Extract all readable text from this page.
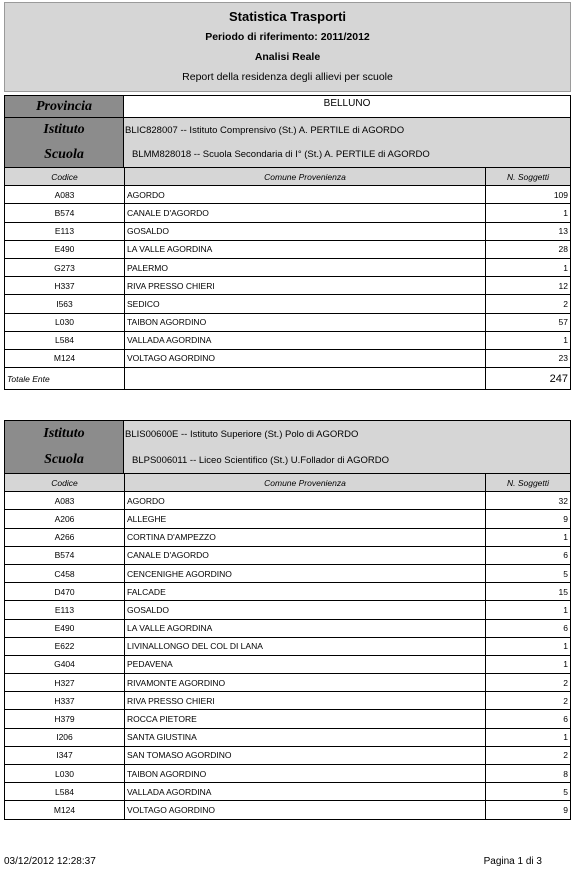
Statistica Trasporti
Periodo di riferimento: 2011/2012
Analisi Reale
Report della residenza degli allievi per scuole
Provincia	BELLUNO
Istituto	BLIC828007 -- Istituto Comprensivo (St.) A. PERTILE di AGORDO
Scuola	BLMM828018 -- Scuola Secondaria di I° (St.) A. PERTILE di AGORDO
Codice	Comune Provenienza	N. Soggetti
A083	AGORDO	109
B574	CANALE D'AGORDO	1
E113	GOSALDO	13
E490	LA VALLE AGORDINA	28
G273	PALERMO	1
H337	RIVA PRESSO CHIERI	12
I563	SEDICO	2
L030	TAIBON AGORDINO	57
L584	VALLADA AGORDINA	1
M124	VOLTAGO AGORDINO	23
Totale Ente		247
Istituto	BLIS00600E -- Istituto Superiore (St.) Polo di AGORDO
Scuola	BLPS006011 -- Liceo Scientifico (St.) U.Follador di AGORDO
Codice	Comune Provenienza	N. Soggetti
A083	AGORDO	32
A206	ALLEGHE	9
A266	CORTINA D'AMPEZZO	1
B574	CANALE D'AGORDO	6
C458	CENCENIGHE AGORDINO	5
D470	FALCADE	15
E113	GOSALDO	1
E490	LA VALLE AGORDINA	6
E622	LIVINALLONGO DEL COL DI LANA	1
G404	PEDAVENA	1
H327	RIVAMONTE AGORDINO	2
H337	RIVA PRESSO CHIERI	2
H379	ROCCA PIETORE	6
I206	SANTA GIUSTINA	1
I347	SAN TOMASO AGORDINO	2
L030	TAIBON AGORDINO	8
L584	VALLADA AGORDINA	5
M124	VOLTAGO AGORDINO	9
03/12/2012 12:28:37	Pagina 1 di 3
